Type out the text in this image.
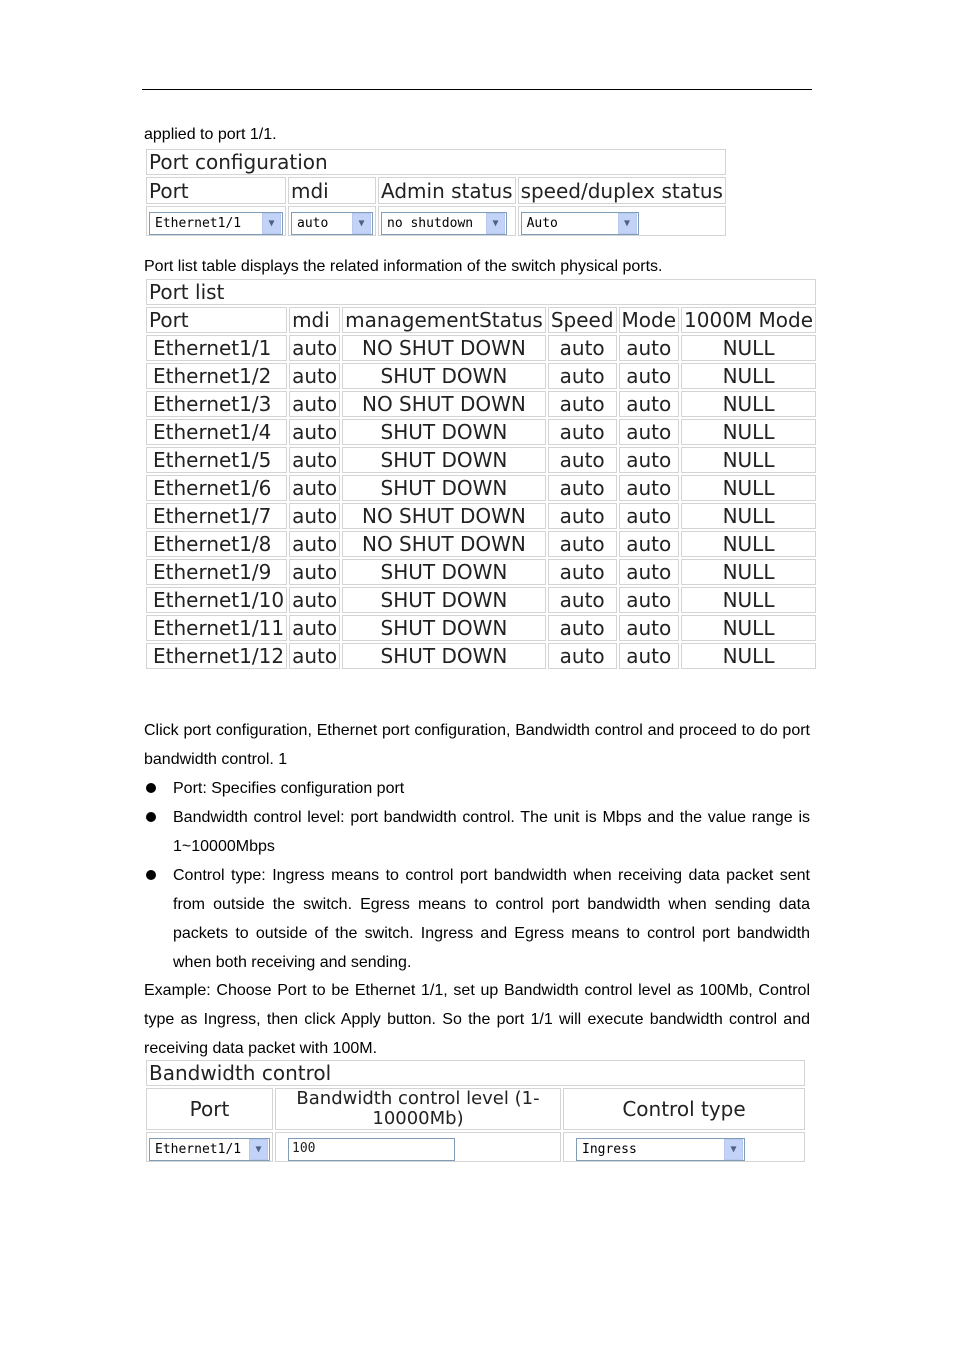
applied to port 1/1.
Port configuration			
Port	mdi	Admin status	speed/duplex status

Ethernet1/1 ▼	auto ▼	no shutdown ▼	Auto ▼
Port list table displays the related information of the switch physical ports.
Port list					
Port	mdi	managementStatus	Speed	Mode	1000M Mode
Ethernet1/1	auto	NO SHUT DOWN	auto	auto	NULL
Ethernet1/2	auto	SHUT DOWN	auto	auto	NULL
Ethernet1/3	auto	NO SHUT DOWN	auto	auto	NULL
Ethernet1/4	auto	SHUT DOWN	auto	auto	NULL
Ethernet1/5	auto	SHUT DOWN	auto	auto	NULL
Ethernet1/6	auto	SHUT DOWN	auto	auto	NULL
Ethernet1/7	auto	NO SHUT DOWN	auto	auto	NULL
Ethernet1/8	auto	NO SHUT DOWN	auto	auto	NULL
Ethernet1/9	auto	SHUT DOWN	auto	auto	NULL
Ethernet1/10	auto	SHUT DOWN	auto	auto	NULL
Ethernet1/11	auto	SHUT DOWN	auto	auto	NULL
Ethernet1/12	auto	SHUT DOWN	auto	auto	NULL
Click port configuration, Ethernet port configuration, Bandwidth control and proceed to do port bandwidth control. 1
Port: Specifies configuration port
Bandwidth control level: port bandwidth control. The unit is Mbps and the value range is 1~10000Mbps
Control type: Ingress means to control port bandwidth when receiving data packet sent from outside the switch. Egress means to control port bandwidth when sending data packets to outside of the switch. Ingress and Egress means to control port bandwidth when both receiving and sending.
Example: Choose Port to be Ethernet 1/1, set up Bandwidth control level as 100Mb, Control type as Ingress, then click Apply button. So the port 1/1 will execute bandwidth control and receiving data packet with 100M.
Bandwidth control		
Port	Bandwidth control level (1-10000Mb)	Control type

Ethernet1/1 ▼	100	Ingress ▼
